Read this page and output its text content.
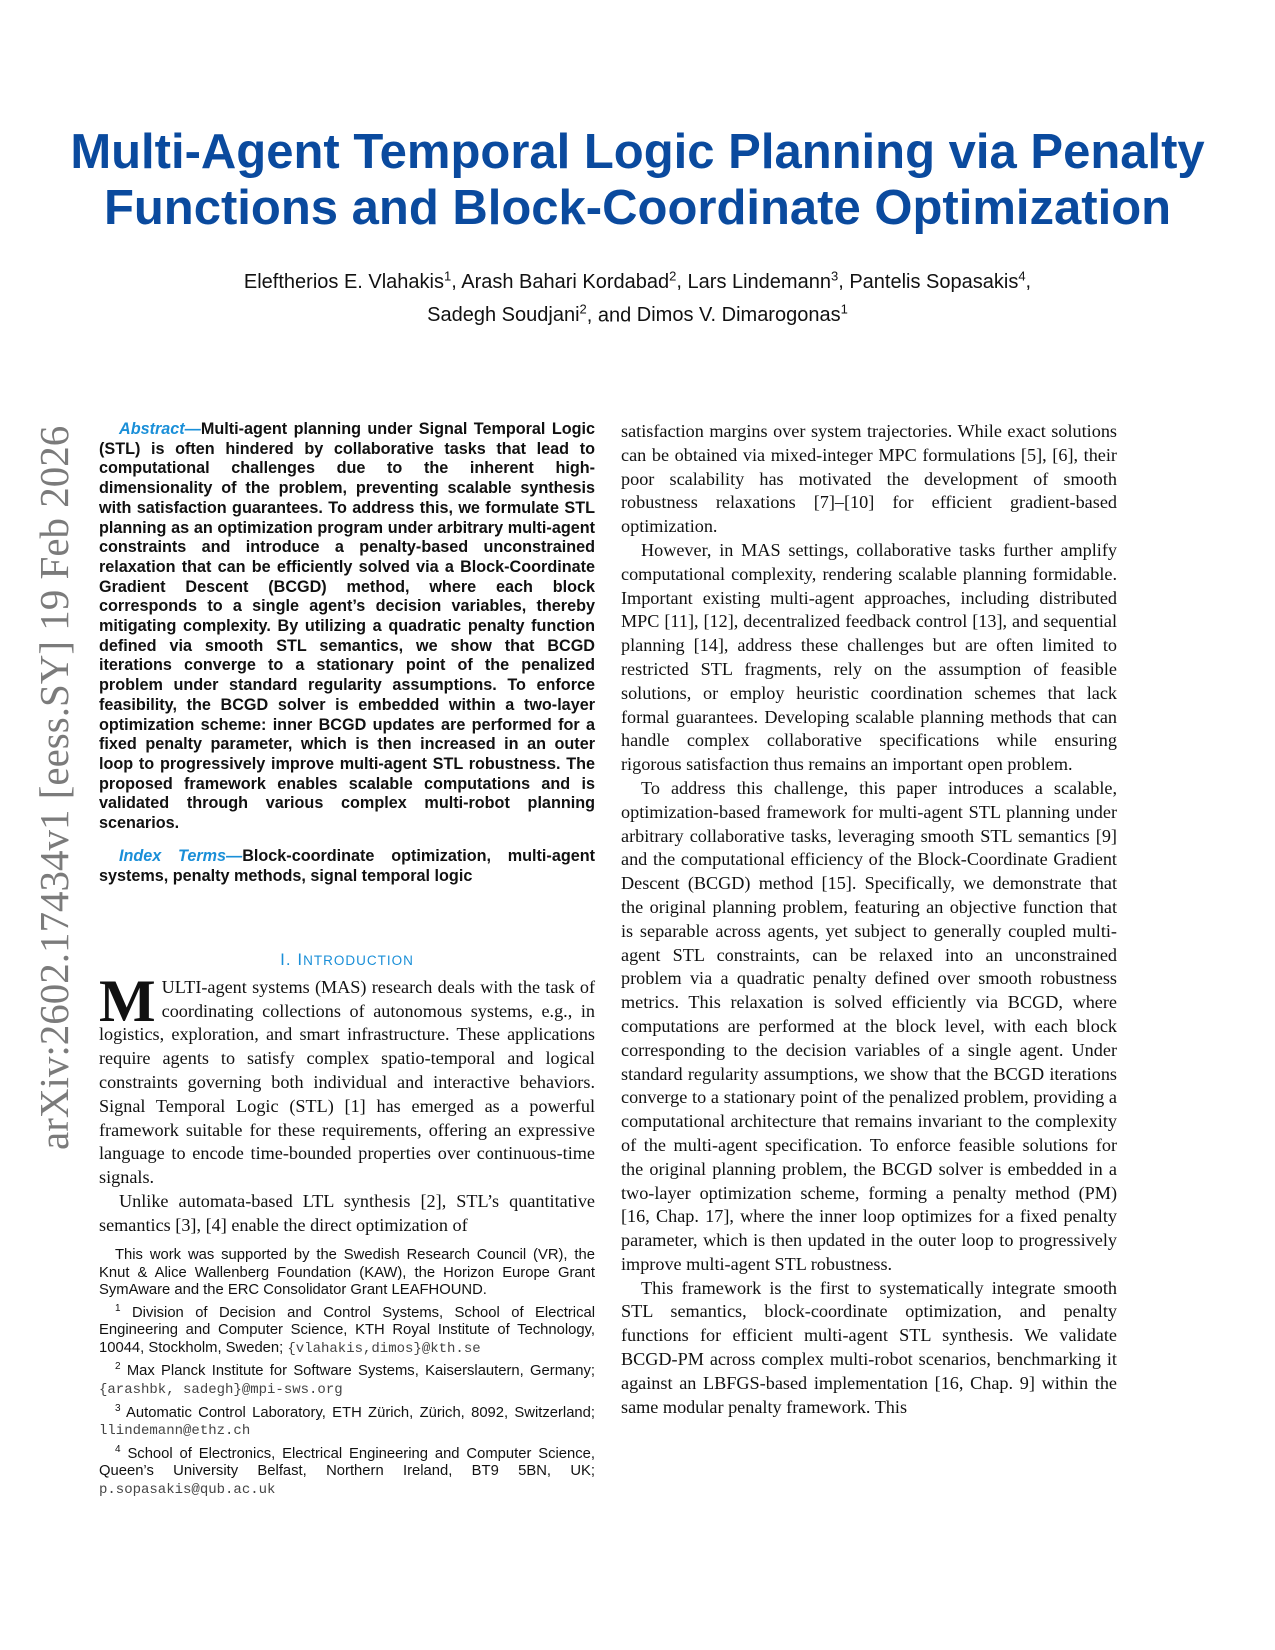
Multi-Agent Temporal Logic Planning via Penalty Functions and Block-Coordinate Optimization
Eleftherios E. Vlahakis$^1$, Arash Bahari Kordabad$^2$, Lars Lindemann$^3$, Pantelis Sopasakis$^4$,
Sadegh Soudjani$^2$, and Dimos V. Dimarogonas$^1$
arXiv:2602.17434v1 [eess.SY] 19 Feb 2026	Abstract—Multi-agent planning under Signal Temporal Logic (STL) is often hindered by collaborative tasks that lead to computational challenges due to the inherent high-dimensionality of the problem, preventing scalable synthesis with satisfaction guarantees. To address this, we formulate STL planning as an optimization program under arbitrary multi-agent constraints and introduce a penalty-based unconstrained relaxation that can be efficiently solved via a Block-Coordinate Gradient Descent (BCGD) method, where each block corresponds to a single agent’s decision variables, thereby mitigating complexity. By utilizing a quadratic penalty function defined via smooth STL semantics, we show that BCGD iterations converge to a stationary point of the penalized problem under standard regularity assumptions. To enforce feasibility, the BCGD solver is embedded within a two-layer optimization scheme: inner BCGD updates are performed for a fixed penalty parameter, which is then increased in an outer loop to progressively improve multi-agent STL robustness. The proposed framework enables scalable computations and is validated through various complex multi-robot planning scenarios.

Index Terms—Block-coordinate optimization, multi-agent systems, penalty methods, signal temporal logic

I. INTRODUCTION

MULTI-agent systems (MAS) research deals with the task of coordinating collections of autonomous systems, e.g., in logistics, exploration, and smart infrastructure. These applications require agents to satisfy complex spatio-temporal and logical constraints governing both individual and interactive behaviors. Signal Temporal Logic (STL) [1] has emerged as a powerful framework suitable for these requirements, offering an expressive language to encode time-bounded properties over continuous-time signals.

Unlike automata-based LTL synthesis [2], STL’s quantitative semantics [3], [4] enable the direct optimization of

This work was supported by the Swedish Research Council (VR), the Knut & Alice Wallenberg Foundation (KAW), the Horizon Europe Grant SymAware and the ERC Consolidator Grant LEAFHOUND.

$^1$ Division of Decision and Control Systems, School of Electrical Engineering and Computer Science, KTH Royal Institute of Technology, 10044, Stockholm, Sweden; {vlahakis,dimos}@kth.se

$^2$ Max Planck Institute for Software Systems, Kaiserslautern, Germany; {arashbk, sadegh}@mpi-sws.org

$^3$ Automatic Control Laboratory, ETH Zürich, Zürich, 8092, Switzerland; llindemann@ethz.ch

$^4$ School of Electronics, Electrical Engineering and Computer Science, Queen’s University Belfast, Northern Ireland, BT9 5BN, UK; p.sopasakis@qub.ac.uk

satisfaction margins over system trajectories. While exact solutions can be obtained via mixed-integer MPC formulations [5], [6], their poor scalability has motivated the development of smooth robustness relaxations [7]–[10] for efficient gradient-based optimization.

However, in MAS settings, collaborative tasks further amplify computational complexity, rendering scalable planning formidable. Important existing multi-agent approaches, including distributed MPC [11], [12], decentralized feedback control [13], and sequential planning [14], address these challenges but are often limited to restricted STL fragments, rely on the assumption of feasible solutions, or employ heuristic coordination schemes that lack formal guarantees. Developing scalable planning methods that can handle complex collaborative specifications while ensuring rigorous satisfaction thus remains an important open problem.

To address this challenge, this paper introduces a scalable, optimization-based framework for multi-agent STL planning under arbitrary collaborative tasks, leveraging smooth STL semantics [9] and the computational efficiency of the Block-Coordinate Gradient Descent (BCGD) method [15]. Specifically, we demonstrate that the original planning problem, featuring an objective function that is separable across agents, yet subject to generally coupled multi-agent STL constraints, can be relaxed into an unconstrained problem via a quadratic penalty defined over smooth robustness metrics. This relaxation is solved efficiently via BCGD, where computations are performed at the block level, with each block corresponding to the decision variables of a single agent. Under standard regularity assumptions, we show that the BCGD iterations converge to a stationary point of the penalized problem, providing a computational architecture that remains invariant to the complexity of the multi-agent specification. To enforce feasible solutions for the original planning problem, the BCGD solver is embedded in a two-layer optimization scheme, forming a penalty method (PM) [16, Chap. 17], where the inner loop optimizes for a fixed penalty parameter, which is then updated in the outer loop to progressively improve multi-agent STL robustness.

This framework is the first to systematically integrate smooth STL semantics, block-coordinate optimization, and penalty functions for efficient multi-agent STL synthesis. We validate BCGD-PM across complex multi-robot scenarios, benchmarking it against an LBFGS-based implementation [16, Chap. 9] within the same modular penalty framework. This
